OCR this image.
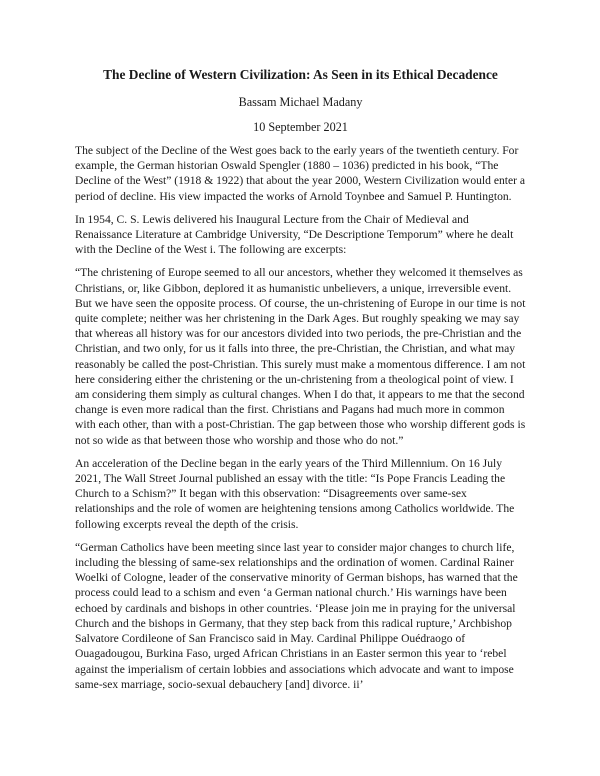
The Decline of Western Civilization: As Seen in its Ethical Decadence
Bassam Michael Madany
10 September 2021

The subject of the Decline of the West goes back to the early years of the twentieth century. For example, the German historian Oswald Spengler (1880 – 1036) predicted in his book, “The Decline of the West” (1918 & 1922) that about the year 2000, Western Civilization would enter a period of decline. His view impacted the works of Arnold Toynbee and Samuel P. Huntington.

In 1954, C. S. Lewis delivered his Inaugural Lecture from the Chair of Medieval and Renaissance Literature at Cambridge University, “De Descriptione Temporum” where he dealt with the Decline of the West i. The following are excerpts:

“The christening of Europe seemed to all our ancestors, whether they welcomed it themselves as Christians, or, like Gibbon, deplored it as humanistic unbelievers, a unique, irreversible event. But we have seen the opposite process. Of course, the un-christening of Europe in our time is not quite complete; neither was her christening in the Dark Ages. But roughly speaking we may say that whereas all history was for our ancestors divided into two periods, the pre-Christian and the Christian, and two only, for us it falls into three, the pre-Christian, the Christian, and what may reasonably be called the post-Christian. This surely must make a momentous difference. I am not here considering either the christening or the un-christening from a theological point of view. I am considering them simply as cultural changes. When I do that, it appears to me that the second change is even more radical than the first. Christians and Pagans had much more in common with each other, than with a post-Christian. The gap between those who worship different gods is not so wide as that between those who worship and those who do not.”

An acceleration of the Decline began in the early years of the Third Millennium. On 16 July 2021, The Wall Street Journal published an essay with the title: “Is Pope Francis Leading the Church to a Schism?” It began with this observation: “Disagreements over same-sex relationships and the role of women are heightening tensions among Catholics worldwide. The following excerpts reveal the depth of the crisis.

“German Catholics have been meeting since last year to consider major changes to church life, including the blessing of same-sex relationships and the ordination of women. Cardinal Rainer Woelki of Cologne, leader of the conservative minority of German bishops, has warned that the process could lead to a schism and even ‘a German national church.’ His warnings have been echoed by cardinals and bishops in other countries. ‘Please join me in praying for the universal Church and the bishops in Germany, that they step back from this radical rupture,’ Archbishop Salvatore Cordileone of San Francisco said in May. Cardinal Philippe Ouédraogo of Ouagadougou, Burkina Faso, urged African Christians in an Easter sermon this year to ‘rebel against the imperialism of certain lobbies and associations which advocate and want to impose same-sex marriage, socio-sexual debauchery [and] divorce. ii’
